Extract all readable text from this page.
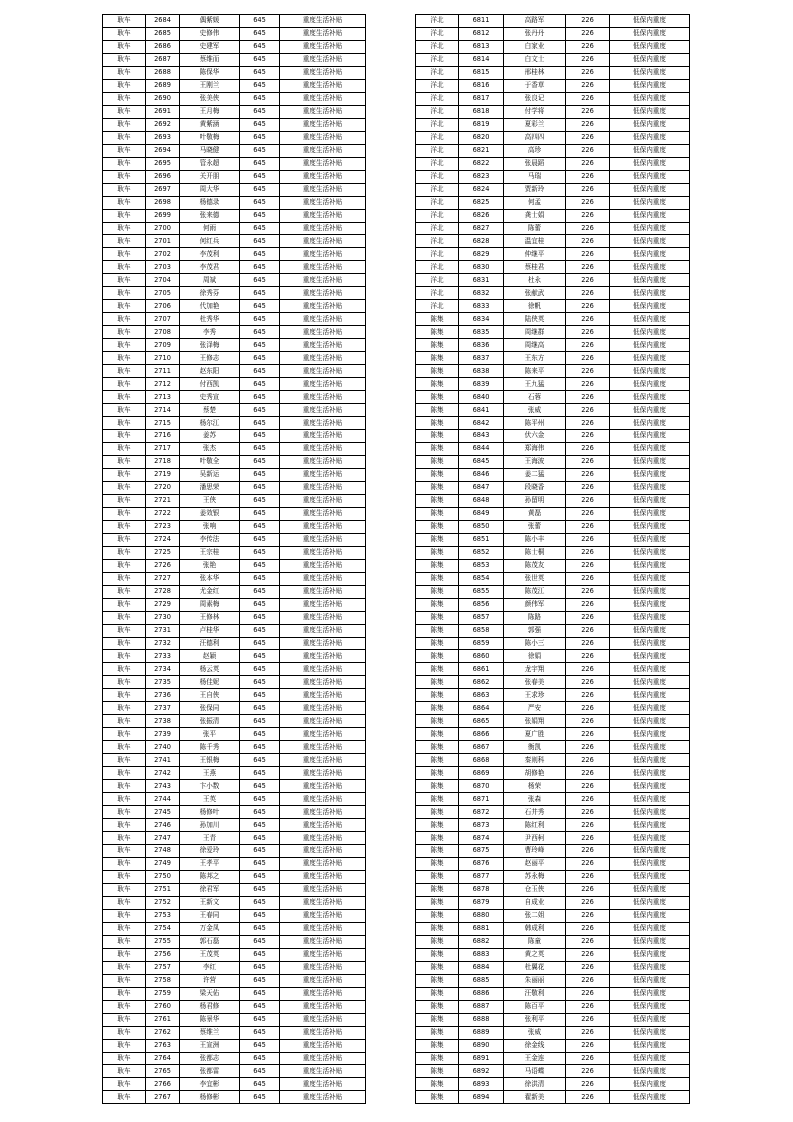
耿车	2684	偶紫媛	645	重度生活补贴
耿车	2685	史修伟	645	重度生活补贴
耿车	2686	史建军	645	重度生活补贴
耿车	2687	蔡维而	645	重度生活补贴
耿车	2688	陈保华	645	重度生活补贴
耿车	2689	王刚兰	645	重度生活补贴
耿车	2690	张美侠	645	重度生活补贴
耿车	2691	王月梅	645	重度生活补贴
耿车	2692	黄紫涵	645	重度生活补贴
耿车	2693	叶敬梅	645	重度生活补贴
耿车	2694	马晓健	645	重度生活补贴
耿车	2695	管永超	645	重度生活补贴
耿车	2696	关开朋	645	重度生活补贴
耿车	2697	周大华	645	重度生活补贴
耿车	2698	杨德录	645	重度生活补贴
耿车	2699	张来德	645	重度生活补贴
耿车	2700	何雨	645	重度生活补贴
耿车	2701	何红兵	645	重度生活补贴
耿车	2702	李茂利	645	重度生活补贴
耿车	2703	李茂君	645	重度生活补贴
耿车	2704	周斌	645	重度生活补贴
耿车	2705	徐秀芬	645	重度生活补贴
耿车	2706	代加艳	645	重度生活补贴
耿车	2707	杜秀华	645	重度生活补贴
耿车	2708	李秀	645	重度生活补贴
耿车	2709	张泽梅	645	重度生活补贴
耿车	2710	王修志	645	重度生活补贴
耿车	2711	赵东阳	645	重度生活补贴
耿车	2712	付西凯	645	重度生活补贴
耿车	2713	史秀宣	645	重度生活补贴
耿车	2714	蔡楚	645	重度生活补贴
耿车	2715	杨尔江	645	重度生活补贴
耿车	2716	姜苏	645	重度生活补贴
耿车	2717	张杰	645	重度生活补贴
耿车	2718	叶敬全	645	重度生活补贴
耿车	2719	吴新运	645	重度生活补贴
耿车	2720	潘思荣	645	重度生活补贴
耿车	2721	王侠	645	重度生活补贴
耿车	2722	姜效银	645	重度生活补贴
耿车	2723	张响	645	重度生活补贴
耿车	2724	李传法	645	重度生活补贴
耿车	2725	王宗桂	645	重度生活补贴
耿车	2726	张艳	645	重度生活补贴
耿车	2727	张本华	645	重度生活补贴
耿车	2728	尤金红	645	重度生活补贴
耿车	2729	周素梅	645	重度生活补贴
耿车	2730	王修林	645	重度生活补贴
耿车	2731	卢桂华	645	重度生活补贴
耿车	2732	汪德利	645	重度生活补贴
耿车	2733	赵颖	645	重度生活补贴
耿车	2734	杨云英	645	重度生活补贴
耿车	2735	杨佳妮	645	重度生活补贴
耿车	2736	王自侠	645	重度生活补贴
耿车	2737	张保同	645	重度生活补贴
耿车	2738	张振清	645	重度生活补贴
耿车	2739	张平	645	重度生活补贴
耿车	2740	陈千秀	645	重度生活补贴
耿车	2741	王银梅	645	重度生活补贴
耿车	2742	王燕	645	重度生活补贴
耿车	2743	卞小数	645	重度生活补贴
耿车	2744	王英	645	重度生活补贴
耿车	2745	杨修叶	645	重度生活补贴
耿车	2746	孙加川	645	重度生活补贴
耿车	2747	王青	645	重度生活补贴
耿车	2748	徐爱玲	645	重度生活补贴
耿车	2749	王孝平	645	重度生活补贴
耿车	2750	陈邦之	645	重度生活补贴
耿车	2751	徐君军	645	重度生活补贴
耿车	2752	王新文	645	重度生活补贴
耿车	2753	王春同	645	重度生活补贴
耿车	2754	万金凤	645	重度生活补贴
耿车	2755	郭石磊	645	重度生活补贴
耿车	2756	王茂英	645	重度生活补贴
耿车	2757	李红	645	重度生活补贴
耿车	2758	许营	645	重度生活补贴
耿车	2759	梁天佑	645	重度生活补贴
耿车	2760	杨君修	645	重度生活补贴
耿车	2761	陈景华	645	重度生活补贴
耿车	2762	蔡维兰	645	重度生活补贴
耿车	2763	王宣洲	645	重度生活补贴
耿车	2764	张都志	645	重度生活补贴
耿车	2765	张都雷	645	重度生活补贴
耿车	2766	李宜彬	645	重度生活补贴
耿车	2767	杨修彬	645	重度生活补贴
洋北	6811	高路军	226	低保内重度
洋北	6812	张丹丹	226	低保内重度
洋北	6813	白家业	226	低保内重度
洋北	6814	白文士	226	低保内重度
洋北	6815	邢桂林	226	低保内重度
洋北	6816	于香草	226	低保内重度
洋北	6817	张良记	226	低保内重度
洋北	6818	付学将	226	低保内重度
洋北	6819	夏彩兰	226	低保内重度
洋北	6820	高四四	226	低保内重度
洋北	6821	高珍	226	低保内重度
洋北	6822	张晨蹈	226	低保内重度
洋北	6823	马瑞	226	低保内重度
洋北	6824	贾新玲	226	低保内重度
洋北	6825	何孟	226	低保内重度
洋北	6826	龚士娟	226	低保内重度
洋北	6827	陈蕾	226	低保内重度
洋北	6828	温宜桂	226	低保内重度
洋北	6829	仲继平	226	低保内重度
洋北	6830	蔡桂君	226	低保内重度
洋北	6831	杜永	226	低保内重度
洋北	6832	张献武	226	低保内重度
洋北	6833	徐帆	226	低保内重度
陈集	6834	陆侠英	226	低保内重度
陈集	6835	周继群	226	低保内重度
陈集	6836	周继高	226	低保内重度
陈集	6837	王东方	226	低保内重度
陈集	6838	陈来平	226	低保内重度
陈集	6839	王九猛	226	低保内重度
陈集	6840	石蓉	226	低保内重度
陈集	6841	张威	226	低保内重度
陈集	6842	陈平州	226	低保内重度
陈集	6843	伏六金	226	低保内重度
陈集	6844	郑海伟	226	低保内重度
陈集	6845	王海波	226	低保内重度
陈集	6846	姜二猛	226	低保内重度
陈集	6847	段晓香	226	低保内重度
陈集	6848	孙留明	226	低保内重度
陈集	6849	黄磊	226	低保内重度
陈集	6850	张蕾	226	低保内重度
陈集	6851	陈小丰	226	低保内重度
陈集	6852	陈士桐	226	低保内重度
陈集	6853	陈茂友	226	低保内重度
陈集	6854	张世英	226	低保内重度
陈集	6855	陈茂江	226	低保内重度
陈集	6856	颜伟军	226	低保内重度
陈集	6857	陈路	226	低保内重度
陈集	6858	郭强	226	低保内重度
陈集	6859	陈小三	226	低保内重度
陈集	6860	徐娟	226	低保内重度
陈集	6861	龙宇翔	226	低保内重度
陈集	6862	张春美	226	低保内重度
陈集	6863	王求珍	226	低保内重度
陈集	6864	严安	226	低保内重度
陈集	6865	张娟翔	226	低保内重度
陈集	6866	夏广胜	226	低保内重度
陈集	6867	衡凯	226	低保内重度
陈集	6868	秦则科	226	低保内重度
陈集	6869	胡修艳	226	低保内重度
陈集	6870	杨荣	226	低保内重度
陈集	6871	张森	226	低保内重度
陈集	6872	石井秀	226	低保内重度
陈集	6873	陈红利	226	低保内重度
陈集	6874	尹西柯	226	低保内重度
陈集	6875	曹玲峰	226	低保内重度
陈集	6876	赵丽平	226	低保内重度
陈集	6877	苏永梅	226	低保内重度
陈集	6878	仓玉侠	226	低保内重度
陈集	6879	自成业	226	低保内重度
陈集	6880	张二姐	226	低保内重度
陈集	6881	韩成利	226	低保内重度
陈集	6882	陈童	226	低保内重度
陈集	6883	黄之英	226	低保内重度
陈集	6884	杜翼花	226	低保内重度
陈集	6885	朱丽丽	226	低保内重度
陈集	6886	汪敬利	226	低保内重度
陈集	6887	陈百平	226	低保内重度
陈集	6888	张利平	226	低保内重度
陈集	6889	张威	226	低保内重度
陈集	6890	徐金线	226	低保内重度
陈集	6891	王金连	226	低保内重度
陈集	6892	马语蝶	226	低保内重度
陈集	6893	徐洪清	226	低保内重度
陈集	6894	翟新美	226	低保内重度
